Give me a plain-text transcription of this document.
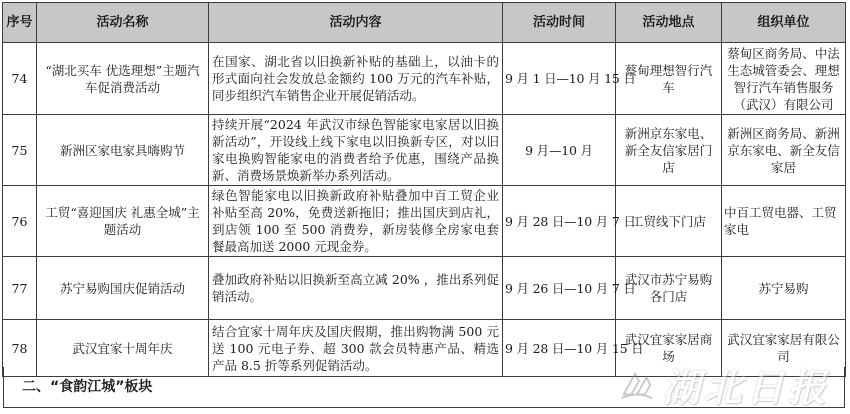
序号	活动名称	活动内容	活动时间	活动地点	组织单位
74	“湖北买车 优选理想”主题汽车促消费活动	在国家、湖北省以旧换新补贴的基础上，以油卡的形式面向社会发放总金额约 100 万元的汽车补贴，同步组织汽车销售企业开展促销活动。	9 月 1 日—10 月 15 日	蔡甸理想智行汽车	蔡甸区商务局、中法生态城管委会、理想智行汽车销售服务（武汉）有限公司
75	新洲区家电家具嗨购节	持续开展“2024 年武汉市绿色智能家电家居以旧换新活动”，开设线上线下家电以旧换新专区，对以旧家电换购智能家电的消费者给予优惠，围绕产品换新、消费场景焕新举办系列活动。	9 月—10 月	新洲京东家电、新全友信家居门店	新洲区商务局、新洲京东家电、新全友信家居
76	工贸“喜迎国庆 礼惠全城”主题活动	绿色智能家电以旧换新政府补贴叠加中百工贸企业补贴至高 20%，免费送新拖旧；推出国庆到店礼，到店领 100 至 500 消费券，新房装修全房家电套餐最高加送 2000 元现金券。	9 月 28 日—10 月 7 日	工贸线下门店	中百工贸电器、工贸家电
77	苏宁易购国庆促销活动	叠加政府补贴以旧换新至高立减 20% ，推出系列促销活动。	9 月 26 日—10 月 7 日	武汉市苏宁易购各门店	苏宁易购
78	武汉宜家十周年庆	结合宜家十周年庆及国庆假期，推出购物满 500 元送 100 元电子券、超 300 款会员特惠产品、精选产品 8.5 折等系列促销活动。	9 月 28 日—10 月 15 日	武汉宜家家居商场	武汉宜家家居有限公司
二、“食韵江城”板块	湖北日报
